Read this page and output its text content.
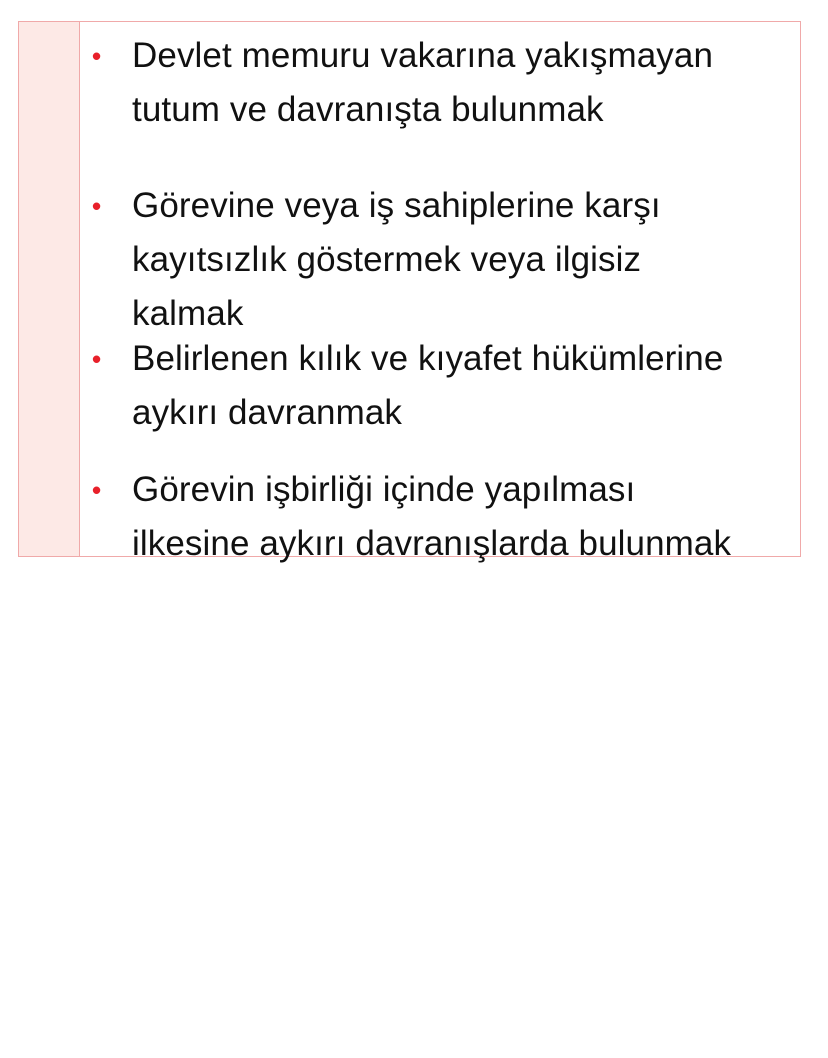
• Devlet memuru vakarına yakışmayan
tutum ve davranışta bulunmak
• Görevine veya iş sahiplerine karşı
kayıtsızlık göstermek veya ilgisiz
kalmak
• Belirlenen kılık ve kıyafet hükümlerine
aykırı davranmak
• Görevin işbirliği içinde yapılması
ilkesine aykırı davranışlarda bulunmak
